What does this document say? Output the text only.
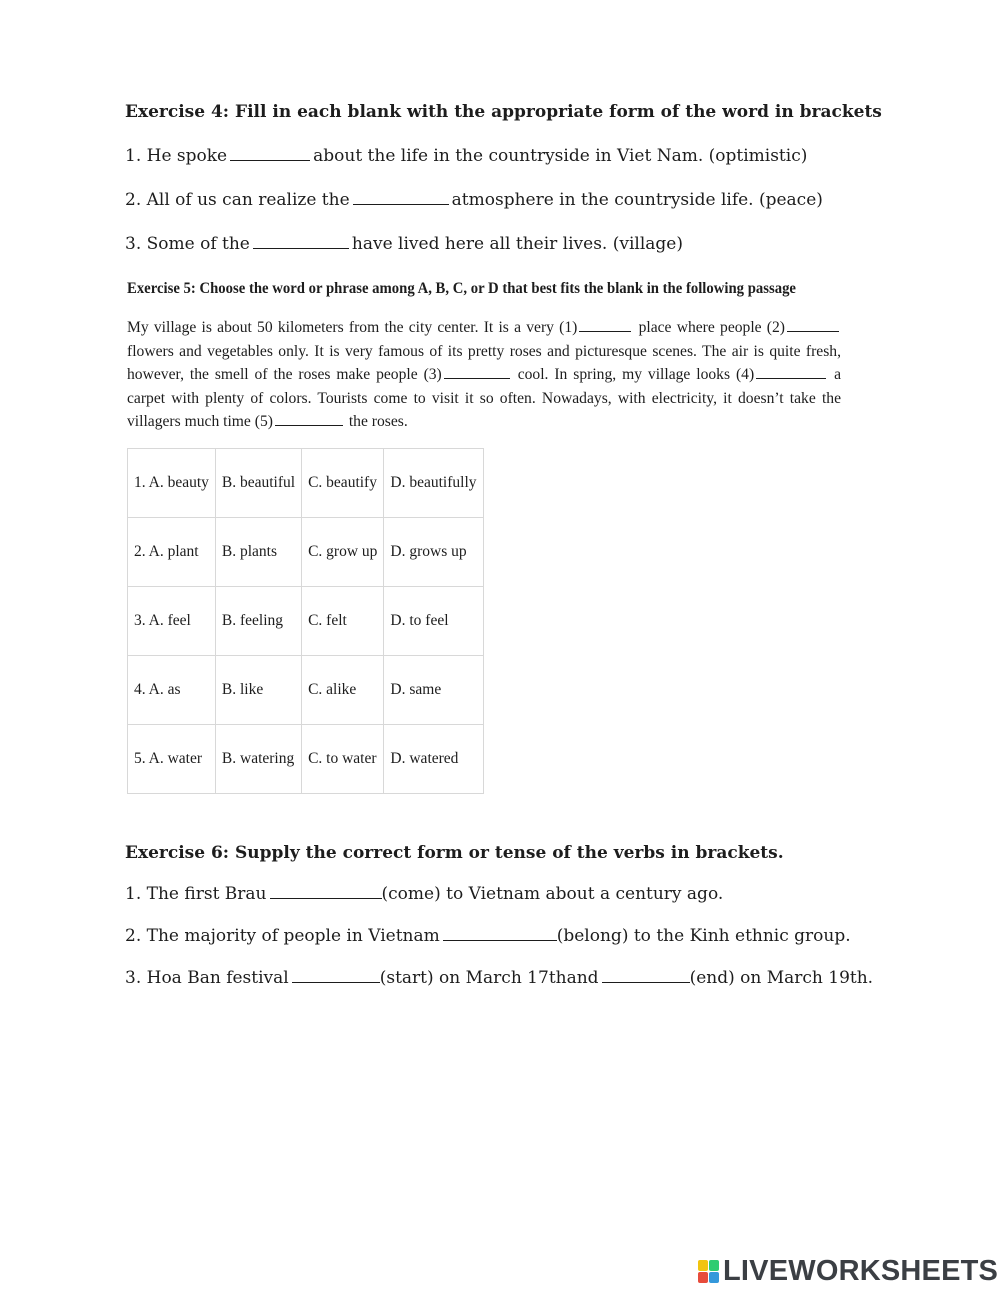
Exercise 4: Fill in each blank with the appropriate form of the word in brackets
1. He spoke	about the life in the countryside in Viet Nam. (optimistic)
2. All of us can realize the	atmosphere in the countryside life. (peace)
3. Some of the	have lived here all their lives. (village)
Exercise 5: Choose the word or phrase among A, B, C, or D that best fits the blank in the following passage
My village is about 50 kilometers from the city center. It is a very (1)	place where people (2) flowers and vegetables only. It is very famous of its pretty roses and picturesque scenes. The air is quite fresh, however, the smell of the roses make people (3)	cool. In spring, my village looks (4)	a carpet with plenty of colors. Tourists come to visit it so often. Nowadays, with electricity, it doesn’t take the villagers much time (5)	the roses.
1. A. beauty	B. beautiful	C. beautify	D. beautifully
2. A. plant	B. plants	C. grow up	D. grows up
3. A. feel	B. feeling	C. felt	D. to feel
4. A. as	B. like	C. alike	D. same
5. A. water	B. watering	C. to water	D. watered
Exercise 6: Supply the correct form or tense of the verbs in brackets.
1. The first Brau	(come) to Vietnam about a century ago.
2. The majority of people in Vietnam	(belong) to the Kinh ethnic group.
3. Hoa Ban festival	(start) on March 17thand	(end) on March 19th.
LIVEWORKSHEETS
